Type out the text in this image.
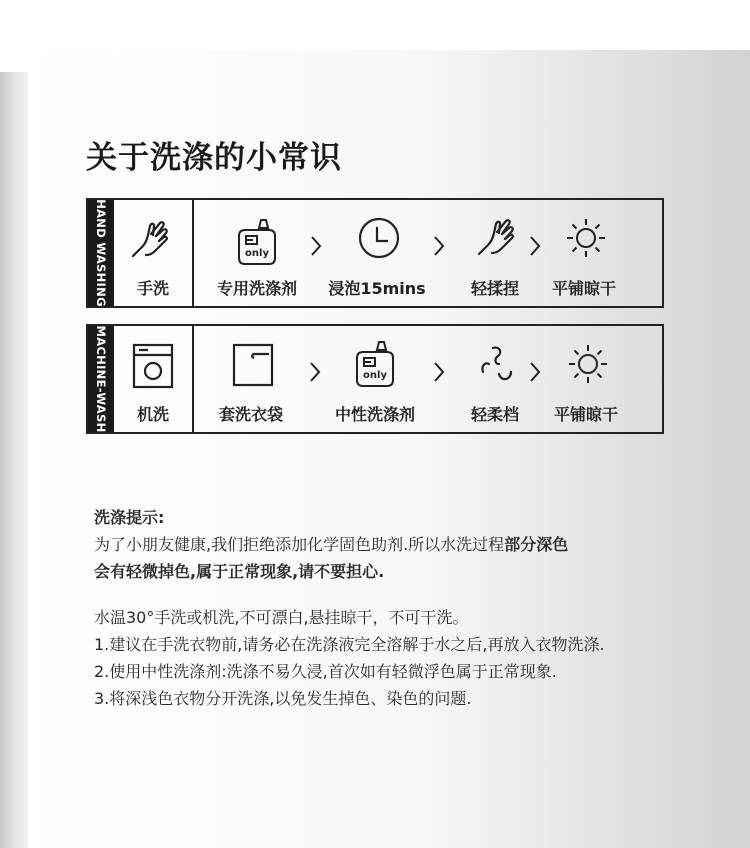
关于洗涤的小常识
HAND WASHING	手洗
only
专用洗涤剂	浸泡15mins	轻揉捏	平铺晾干
MACHINE-WASH	机洗	套洗衣袋
only
中性洗涤剂	轻柔档	平铺晾干
洗涤提示:
为了小朋友健康,我们拒绝添加化学固色助剂.所以水洗过程部分深色
会有轻微掉色,属于正常现象,请不要担心.
水温30°手洗或机洗,不可漂白,悬挂晾干，不可干洗。
1.建议在手洗衣物前,请务必在洗涤液完全溶解于水之后,再放入衣物洗涤.
2.使用中性洗涤剂:洗涤不易久浸,首次如有轻微浮色属于正常现象.
3.将深浅色衣物分开洗涤,以免发生掉色、染色的问题.
